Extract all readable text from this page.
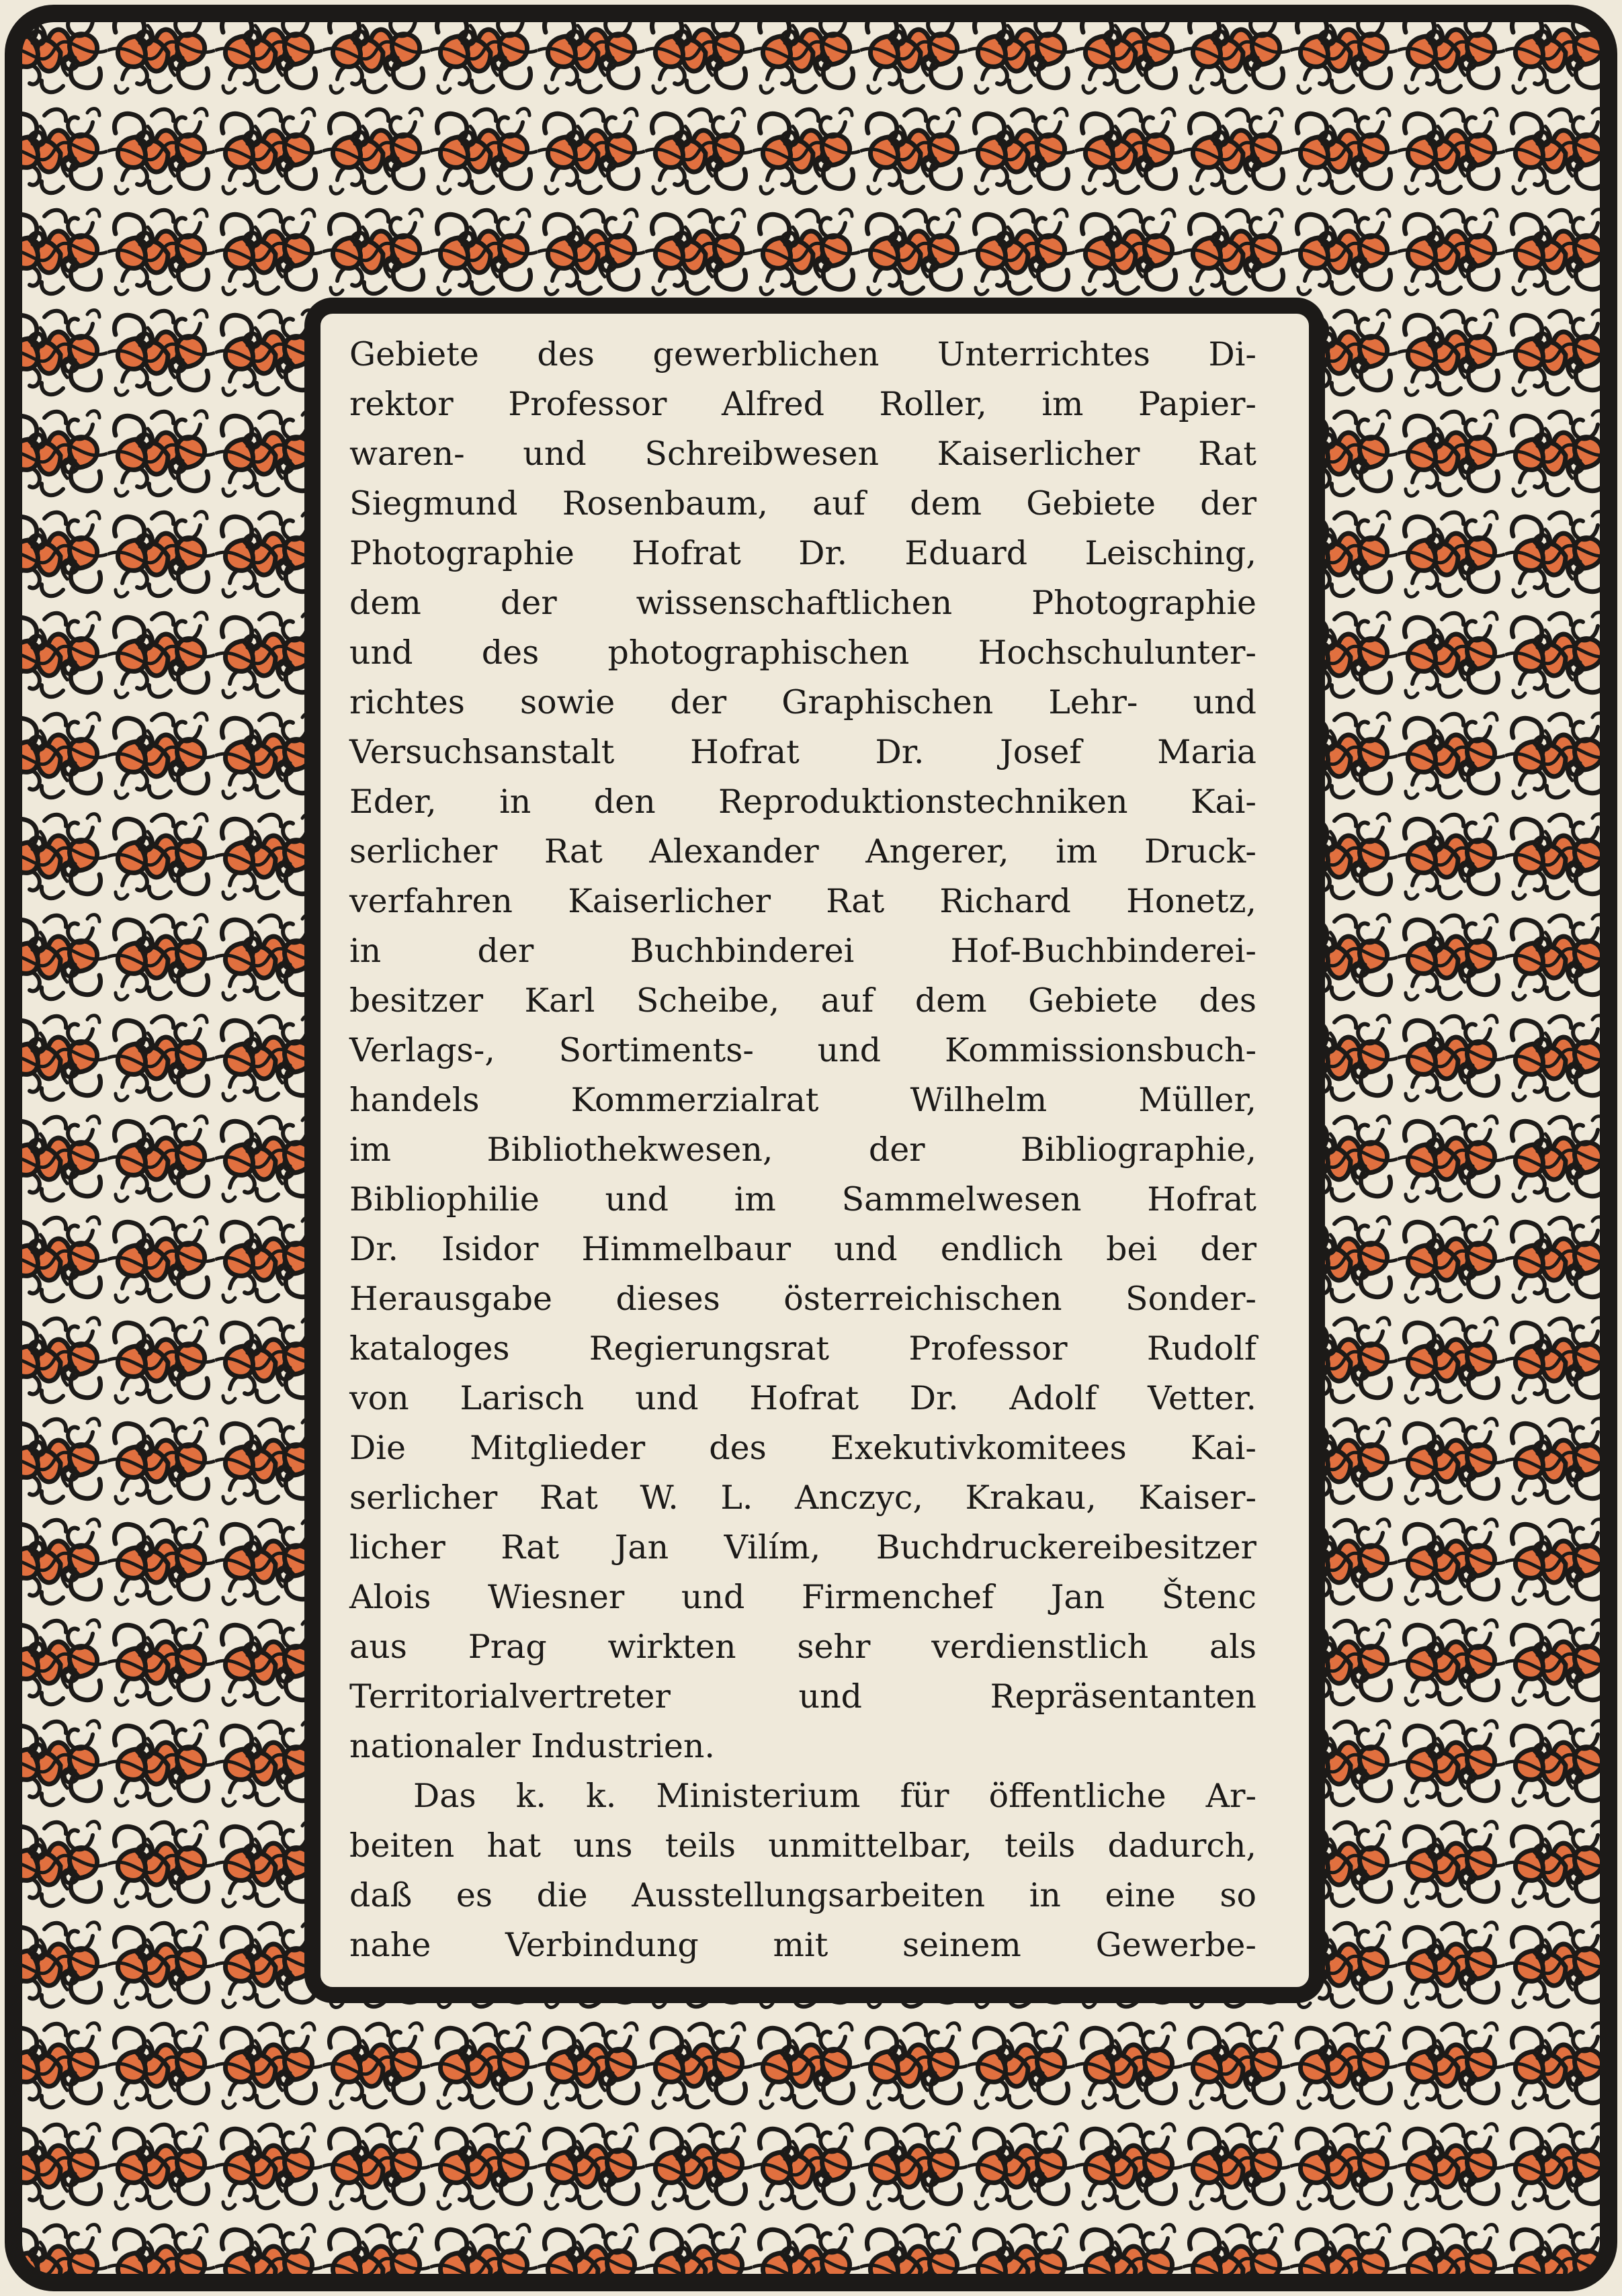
Gebiete des gewerblichen Unterrichtes Di-
rektor Professor Alfred Roller, im Papier-
waren- und Schreibwesen Kaiserlicher Rat
Siegmund Rosenbaum, auf dem Gebiete der
Photographie Hofrat Dr. Eduard Leisching,
dem der wissenschaftlichen Photographie
und des photographischen Hochschulunter-
richtes sowie der Graphischen Lehr- und
Versuchsanstalt Hofrat Dr. Josef Maria
Eder, in den Reproduktionstechniken Kai-
serlicher Rat Alexander Angerer, im Druck-
verfahren Kaiserlicher Rat Richard Honetz,
in der Buchbinderei Hof-Buchbinderei-
besitzer Karl Scheibe, auf dem Gebiete des
Verlags-, Sortiments- und Kommissionsbuch-
handels Kommerzialrat Wilhelm Müller,
im Bibliothekwesen, der Bibliographie,
Bibliophilie und im Sammelwesen Hofrat
Dr. Isidor Himmelbaur und endlich bei der
Herausgabe dieses österreichischen Sonder-
kataloges Regierungsrat Professor Rudolf
von Larisch und Hofrat Dr. Adolf Vetter.
Die Mitglieder des Exekutivkomitees Kai-
serlicher Rat W. L. Anczyc, Krakau, Kaiser-
licher Rat Jan Vilím, Buchdruckereibesitzer
Alois Wiesner und Firmenchef Jan Štenc
aus Prag wirkten sehr verdienstlich als
Territorialvertreter und Repräsentanten
nationaler Industrien.
Das k. k. Ministerium für öffentliche Ar-
beiten hat uns teils unmittelbar, teils dadurch,
daß es die Ausstellungsarbeiten in eine so
nahe Verbindung mit seinem Gewerbe-
